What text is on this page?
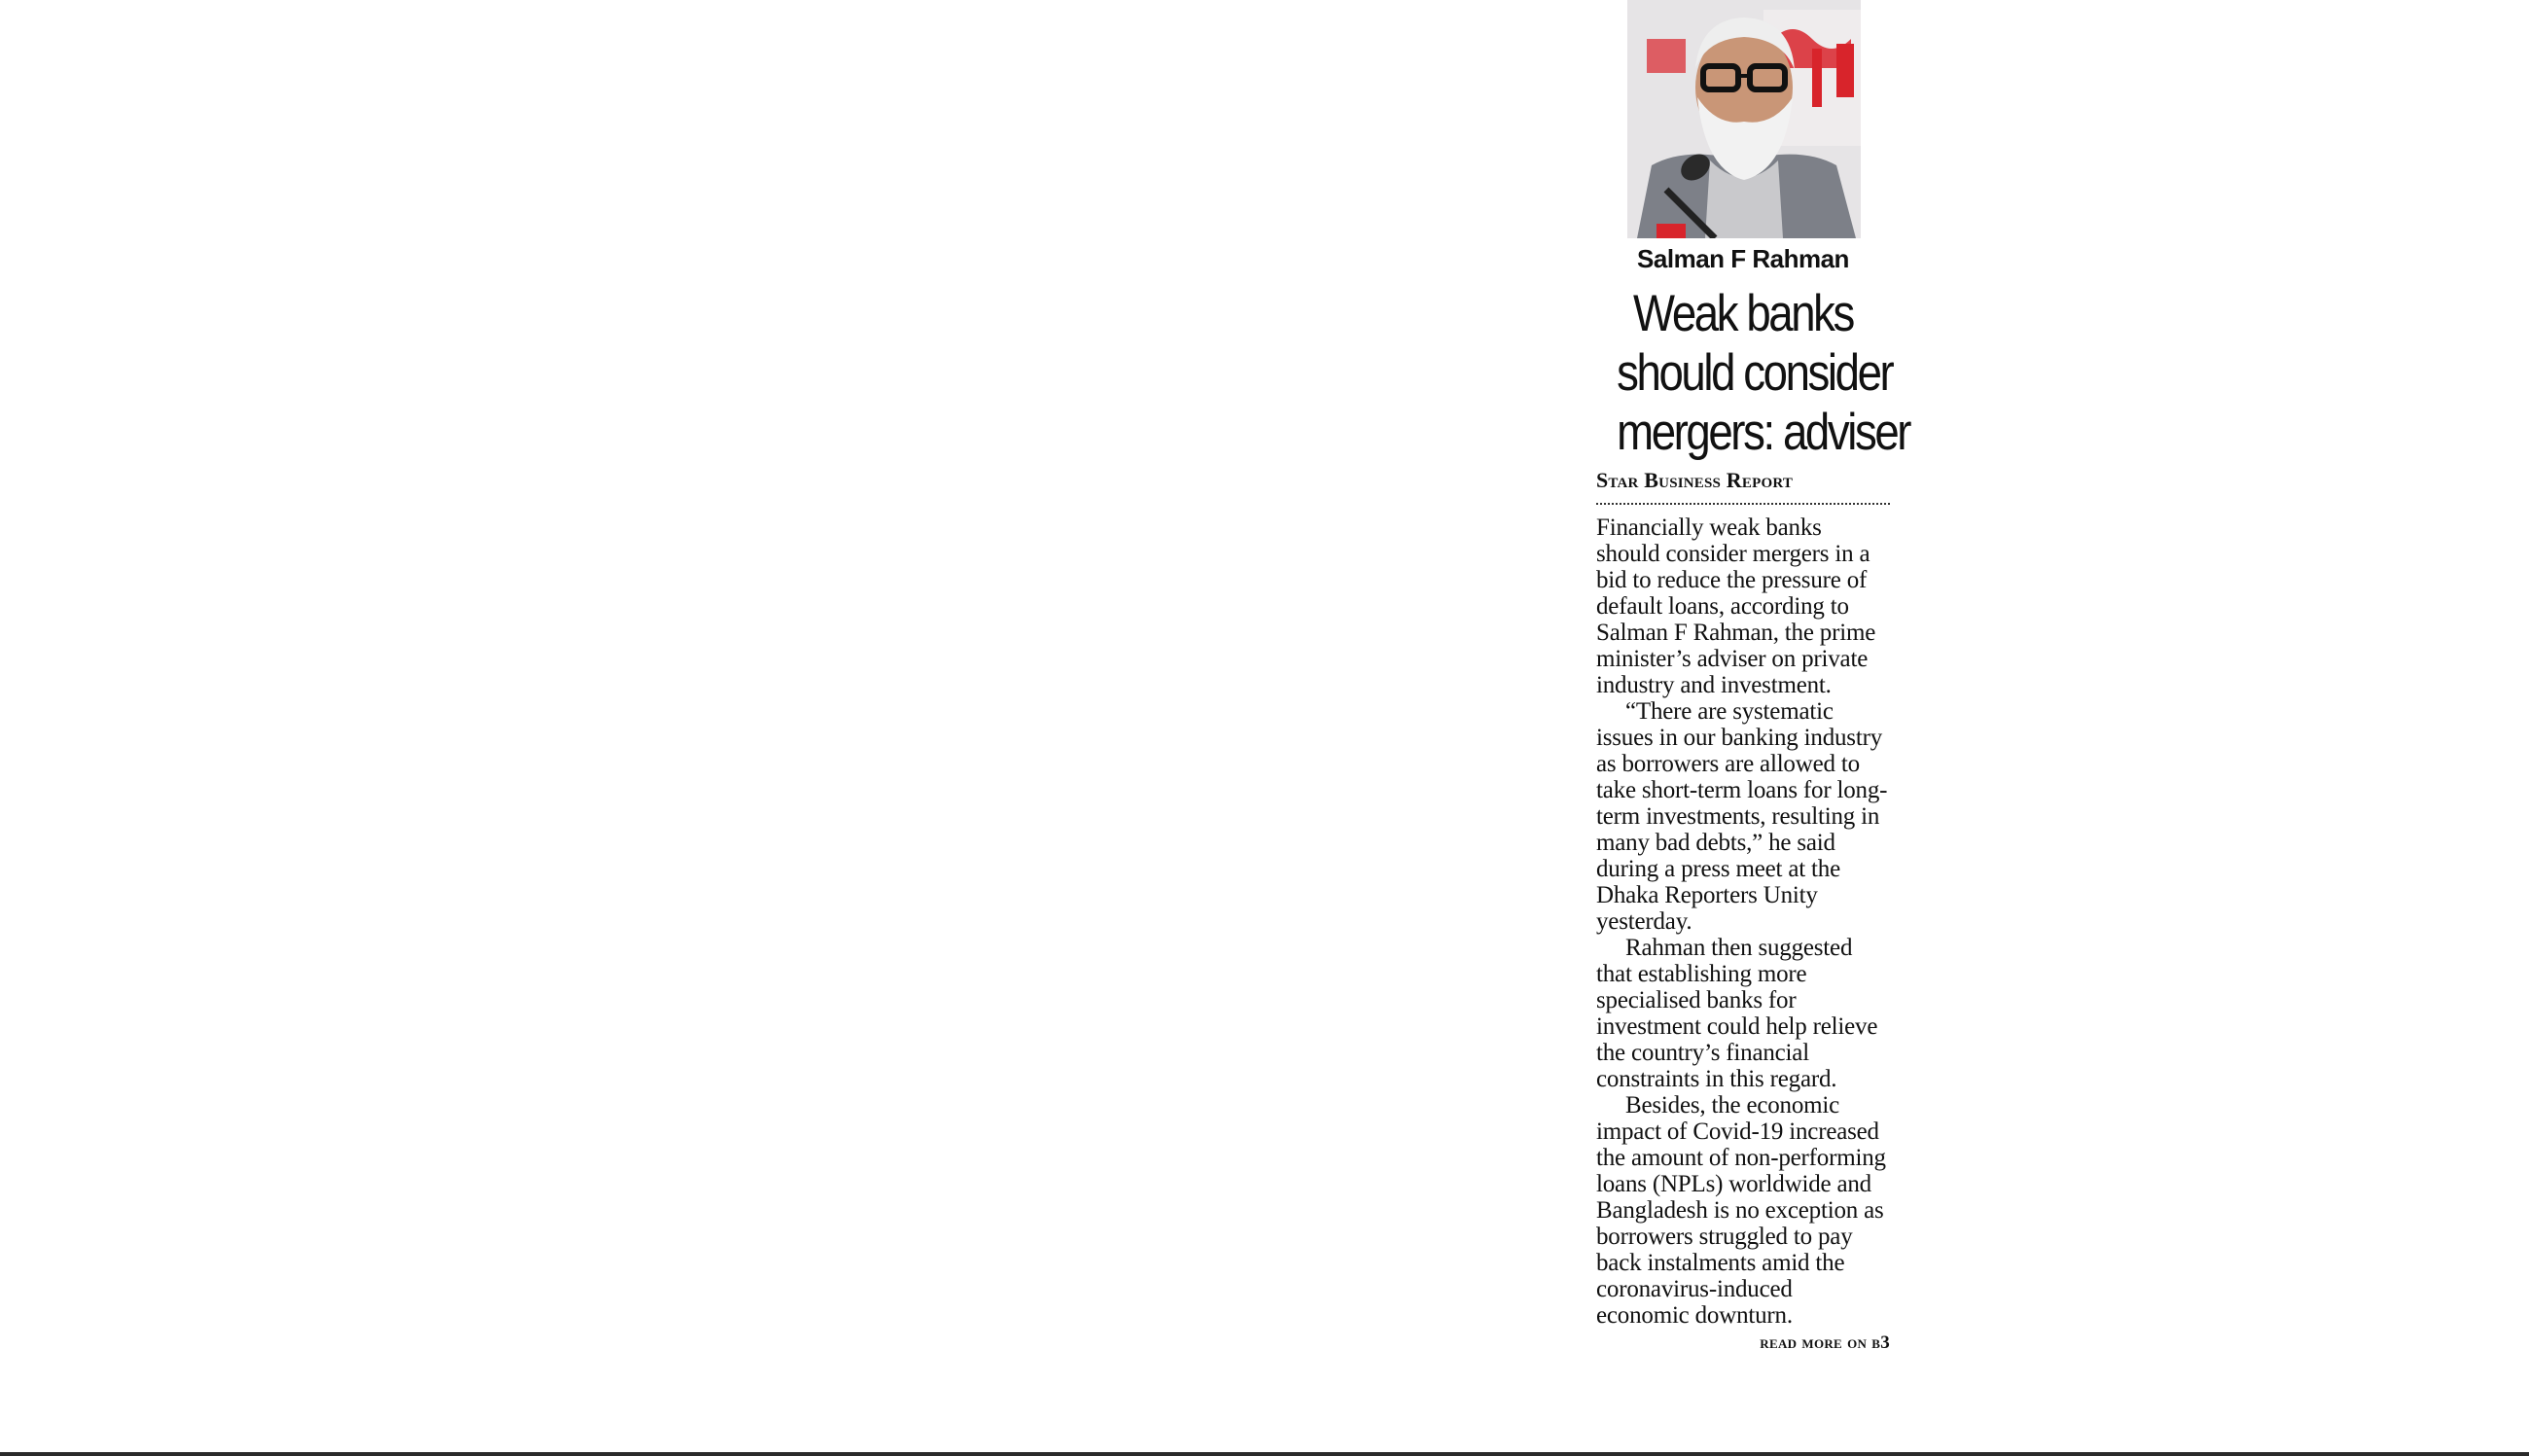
Salman F Rahman
Weak banks
should consider
mergers: adviser
Star Business Report

Financially weak banks should consider mergers in a bid to reduce the pressure of default loans, according to Salman F Rahman, the prime minister’s adviser on private industry and investment.

“There are systematic issues in our banking industry as borrowers are allowed to take short-term loans for long-term investments, resulting in many bad debts,” he said during a press meet at the Dhaka Reporters Unity yesterday.

Rahman then suggested that establishing more specialised banks for investment could help relieve the country’s financial constraints in this regard.

Besides, the economic impact of Covid-19 increased the amount of non-performing loans (NPLs) worldwide and Bangladesh is no exception as borrowers struggled to pay back instalments amid the coronavirus-induced economic downturn.

read more on b3
